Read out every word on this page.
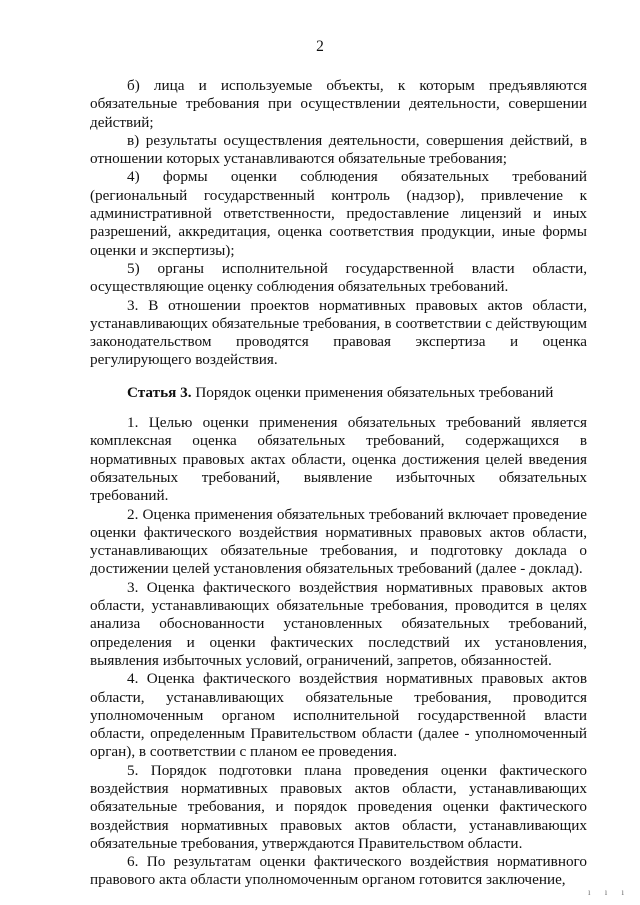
2

б) лица и используемые объекты, к которым предъявляются обязательные требования при осуществлении деятельности, совершении действий;

в) результаты осуществления деятельности, совершения действий, в отношении которых устанавливаются обязательные требования;

4) формы оценки соблюдения обязательных требований (региональный государственный контроль (надзор), привлечение к административной ответственности, предоставление лицензий и иных разрешений, аккредитация, оценка соответствия продукции, иные формы оценки и экспертизы);

5) органы исполнительной государственной власти области, осуществляющие оценку соблюдения обязательных требований.

3. В отношении проектов нормативных правовых актов области, устанавливающих обязательные требования, в соответствии с действующим законодательством проводятся правовая экспертиза и оценка регулирующего воздействия.

Статья 3. Порядок оценки применения обязательных требований

1. Целью оценки применения обязательных требований является комплексная оценка обязательных требований, содержащихся в нормативных правовых актах области, оценка достижения целей введения обязательных требований, выявление избыточных обязательных требований.

2. Оценка применения обязательных требований включает проведение оценки фактического воздействия нормативных правовых актов области, устанавливающих обязательные требования, и подготовку доклада о достижении целей установления обязательных требований (далее - доклад).

3. Оценка фактического воздействия нормативных правовых актов области, устанавливающих обязательные требования, проводится в целях анализа обоснованности установленных обязательных требований, определения и оценки фактических последствий их установления, выявления избыточных условий, ограничений, запретов, обязанностей.

4. Оценка фактического воздействия нормативных правовых актов области, устанавливающих обязательные требования, проводится уполномоченным органом исполнительной государственной власти области, определенным Правительством области (далее - уполномоченный орган), в соответствии с планом ее проведения.

5. Порядок подготовки плана проведения оценки фактического воздействия нормативных правовых актов области, устанавливающих обязательные требования, и порядок проведения оценки фактического воздействия нормативных правовых актов области, устанавливающих обязательные требования, утверждаются Правительством области.

6. По результатам оценки фактического воздействия нормативного правового акта области уполномоченным органом готовится заключение,

ı ı ı
